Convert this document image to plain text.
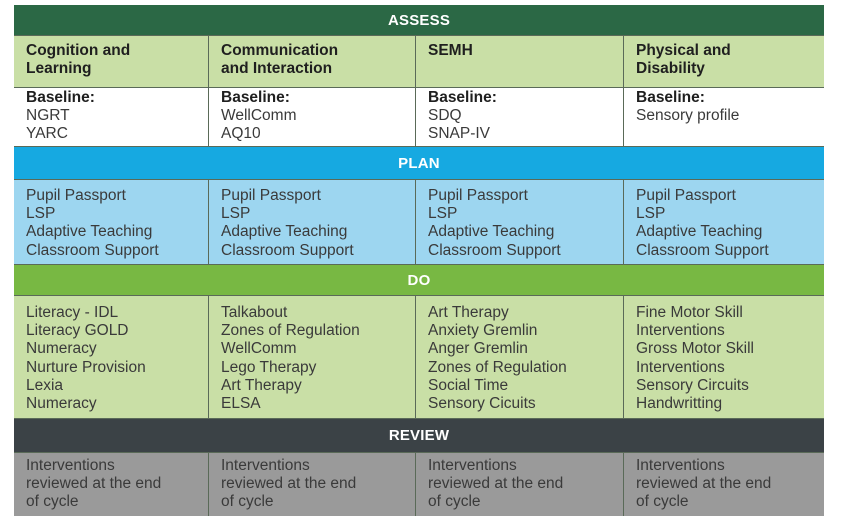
ASSESS
Cognition and
Learning
Communication
and Interaction
SEMH	Physical and
Disability
Baseline:
NGRT
YARC
Baseline:
WellComm
AQ10
Baseline:
SDQ
SNAP-IV
Baseline:
Sensory profile
PLAN
Pupil Passport
LSP
Adaptive Teaching
Classroom Support
Pupil Passport
LSP
Adaptive Teaching
Classroom Support
Pupil Passport
LSP
Adaptive Teaching
Classroom Support
Pupil Passport
LSP
Adaptive Teaching
Classroom Support
DO
Literacy - IDL
Literacy GOLD
Numeracy
Nurture Provision
Lexia
Numeracy
Talkabout
Zones of Regulation
WellComm
Lego Therapy
Art Therapy
ELSA
Art Therapy
Anxiety Gremlin
Anger Gremlin
Zones of Regulation
Social Time
Sensory Cicuits
Fine Motor Skill
Interventions
Gross Motor Skill
Interventions
Sensory Circuits
Handwritting
REVIEW
Interventions
reviewed at the end
of cycle
Interventions
reviewed at the end
of cycle
Interventions
reviewed at the end
of cycle
Interventions
reviewed at the end
of cycle
